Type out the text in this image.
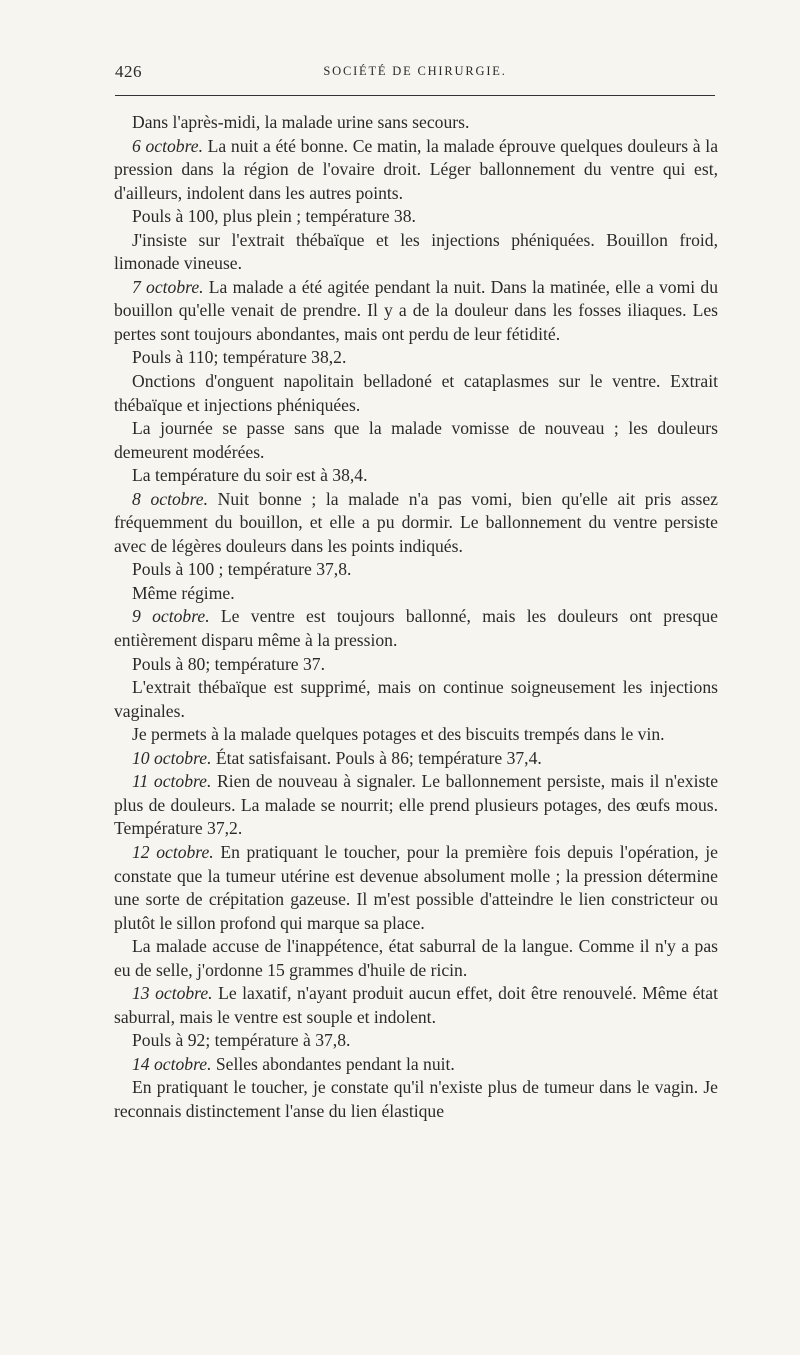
426	SOCIÉTÉ DE CHIRURGIE.

Dans l'après-midi, la malade urine sans secours.

6 octobre. La nuit a été bonne. Ce matin, la malade éprouve quelques douleurs à la pression dans la région de l'ovaire droit. Léger ballonnement du ventre qui est, d'ailleurs, indolent dans les autres points.

Pouls à 100, plus plein ; température 38.

J'insiste sur l'extrait thébaïque et les injections phéniquées. Bouillon froid, limonade vineuse.

7 octobre. La malade a été agitée pendant la nuit. Dans la matinée, elle a vomi du bouillon qu'elle venait de prendre. Il y a de la douleur dans les fosses iliaques. Les pertes sont toujours abondantes, mais ont perdu de leur fétidité.

Pouls à 110; température 38,2.

Onctions d'onguent napolitain belladoné et cataplasmes sur le ventre. Extrait thébaïque et injections phéniquées.

La journée se passe sans que la malade vomisse de nouveau ; les douleurs demeurent modérées.

La température du soir est à 38,4.

8 octobre. Nuit bonne ; la malade n'a pas vomi, bien qu'elle ait pris assez fréquemment du bouillon, et elle a pu dormir. Le ballonnement du ventre persiste avec de légères douleurs dans les points indiqués.

Pouls à 100 ; température 37,8.

Même régime.

9 octobre. Le ventre est toujours ballonné, mais les douleurs ont presque entièrement disparu même à la pression.

Pouls à 80; température 37.

L'extrait thébaïque est supprimé, mais on continue soigneusement les injections vaginales.

Je permets à la malade quelques potages et des biscuits trempés dans le vin.

10 octobre. État satisfaisant. Pouls à 86; température 37,4.

11 octobre. Rien de nouveau à signaler. Le ballonnement persiste, mais il n'existe plus de douleurs. La malade se nourrit; elle prend plusieurs potages, des œufs mous. Température 37,2.

12 octobre. En pratiquant le toucher, pour la première fois depuis l'opération, je constate que la tumeur utérine est devenue absolument molle ; la pression détermine une sorte de crépitation gazeuse. Il m'est possible d'atteindre le lien constricteur ou plutôt le sillon profond qui marque sa place.

La malade accuse de l'inappétence, état saburral de la langue. Comme il n'y a pas eu de selle, j'ordonne 15 grammes d'huile de ricin.

13 octobre. Le laxatif, n'ayant produit aucun effet, doit être renouvelé. Même état saburral, mais le ventre est souple et indolent.

Pouls à 92; température à 37,8.

14 octobre. Selles abondantes pendant la nuit.

En pratiquant le toucher, je constate qu'il n'existe plus de tumeur dans le vagin. Je reconnais distinctement l'anse du lien élastique
